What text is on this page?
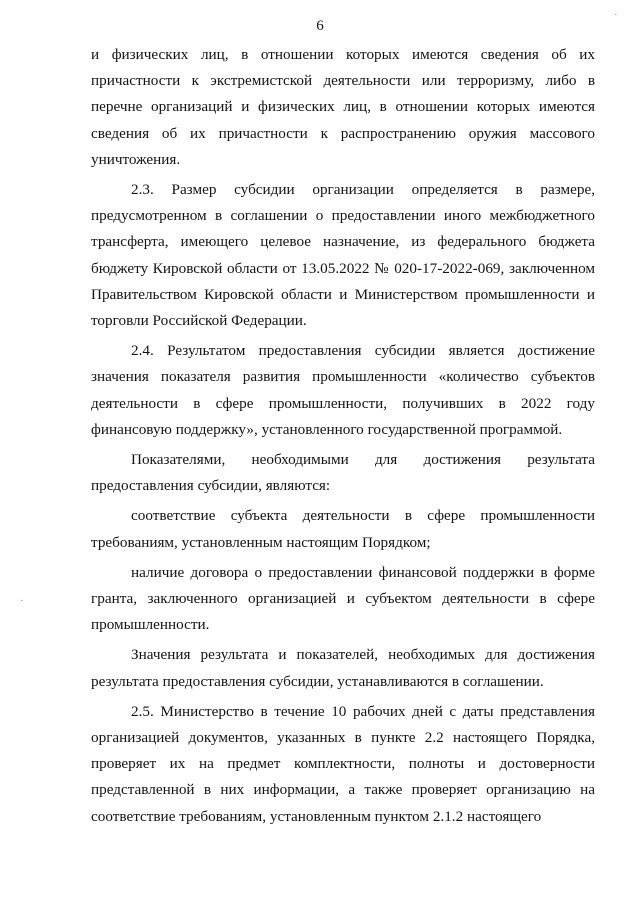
6

и физических лиц, в отношении которых имеются сведения об их причастности к экстремистской деятельности или терроризму, либо в перечне организаций и физических лиц, в отношении которых имеются сведения об их причастности к распространению оружия массового уничтожения.

2.3. Размер субсидии организации определяется в размере, предусмотренном в соглашении о предоставлении иного межбюджетного трансферта, имеющего целевое назначение, из федерального бюджета бюджету Кировской области от 13.05.2022 № 020-17-2022-069, заключенном Правительством Кировской области и Министерством промышленности и торговли Российской Федерации.

2.4. Результатом предоставления субсидии является достижение значения показателя развития промышленности «количество субъектов деятельности в сфере промышленности, получивших в 2022 году финансовую поддержку», установленного государственной программой.

Показателями, необходимыми для достижения результата предоставления субсидии, являются:

соответствие субъекта деятельности в сфере промышленности требованиям, установленным настоящим Порядком;

наличие договора о предоставлении финансовой поддержки в форме гранта, заключенного организацией и субъектом деятельности в сфере промышленности.

Значения результата и показателей, необходимых для достижения результата предоставления субсидии, устанавливаются в соглашении.

2.5. Министерство в течение 10 рабочих дней с даты представления организацией документов, указанных в пункте 2.2 настоящего Порядка, проверяет их на предмет комплектности, полноты и достоверности представленной в них информации, а также проверяет организацию на соответствие требованиям, установленным пунктом 2.1.2 настоящего

·
·
